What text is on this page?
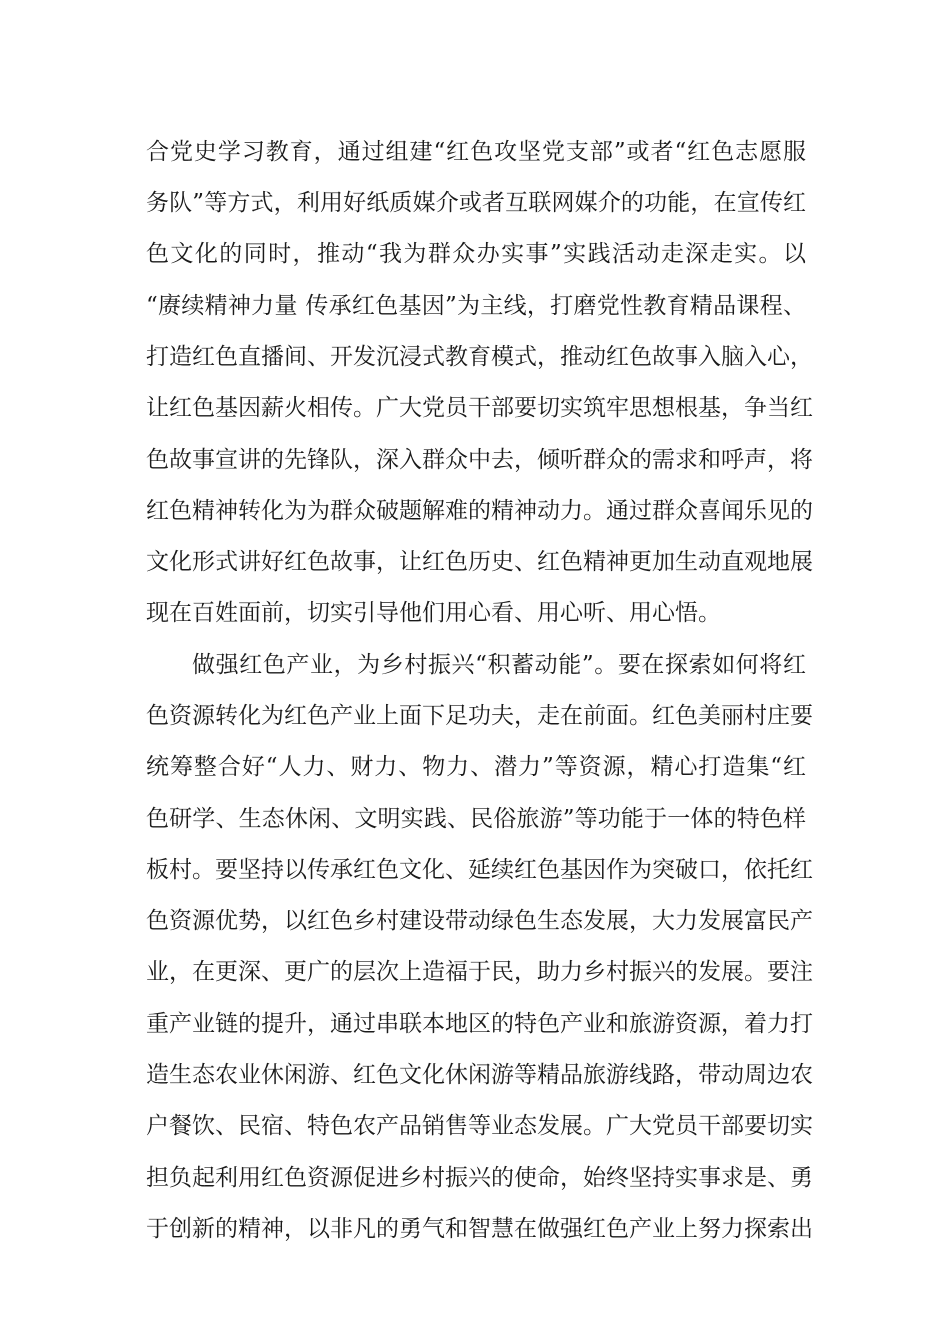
合党史学习教育，通过组建“红色攻坚党支部”或者“红色志愿服
务队”等方式，利用好纸质媒介或者互联网媒介的功能，在宣传红
色文化的同时，推动“我为群众办实事”实践活动走深走实。以
“赓续精神力量 传承红色基因”为主线，打磨党性教育精品课程、
打造红色直播间、开发沉浸式教育模式，推动红色故事入脑入心，
让红色基因薪火相传。广大党员干部要切实筑牢思想根基，争当红
色故事宣讲的先锋队，深入群众中去，倾听群众的需求和呼声，将
红色精神转化为为群众破题解难的精神动力。通过群众喜闻乐见的
文化形式讲好红色故事，让红色历史、红色精神更加生动直观地展
现在百姓面前，切实引导他们用心看、用心听、用心悟。
做强红色产业，为乡村振兴“积蓄动能”。要在探索如何将红
色资源转化为红色产业上面下足功夫，走在前面。红色美丽村庄要
统筹整合好“人力、财力、物力、潜力”等资源，精心打造集“红
色研学、生态休闲、文明实践、民俗旅游”等功能于一体的特色样
板村。要坚持以传承红色文化、延续红色基因作为突破口，依托红
色资源优势，以红色乡村建设带动绿色生态发展，大力发展富民产
业，在更深、更广的层次上造福于民，助力乡村振兴的发展。要注
重产业链的提升，通过串联本地区的特色产业和旅游资源，着力打
造生态农业休闲游、红色文化休闲游等精品旅游线路，带动周边农
户餐饮、民宿、特色农产品销售等业态发展。广大党员干部要切实
担负起利用红色资源促进乡村振兴的使命，始终坚持实事求是、勇
于创新的精神，以非凡的勇气和智慧在做强红色产业上努力探索出
